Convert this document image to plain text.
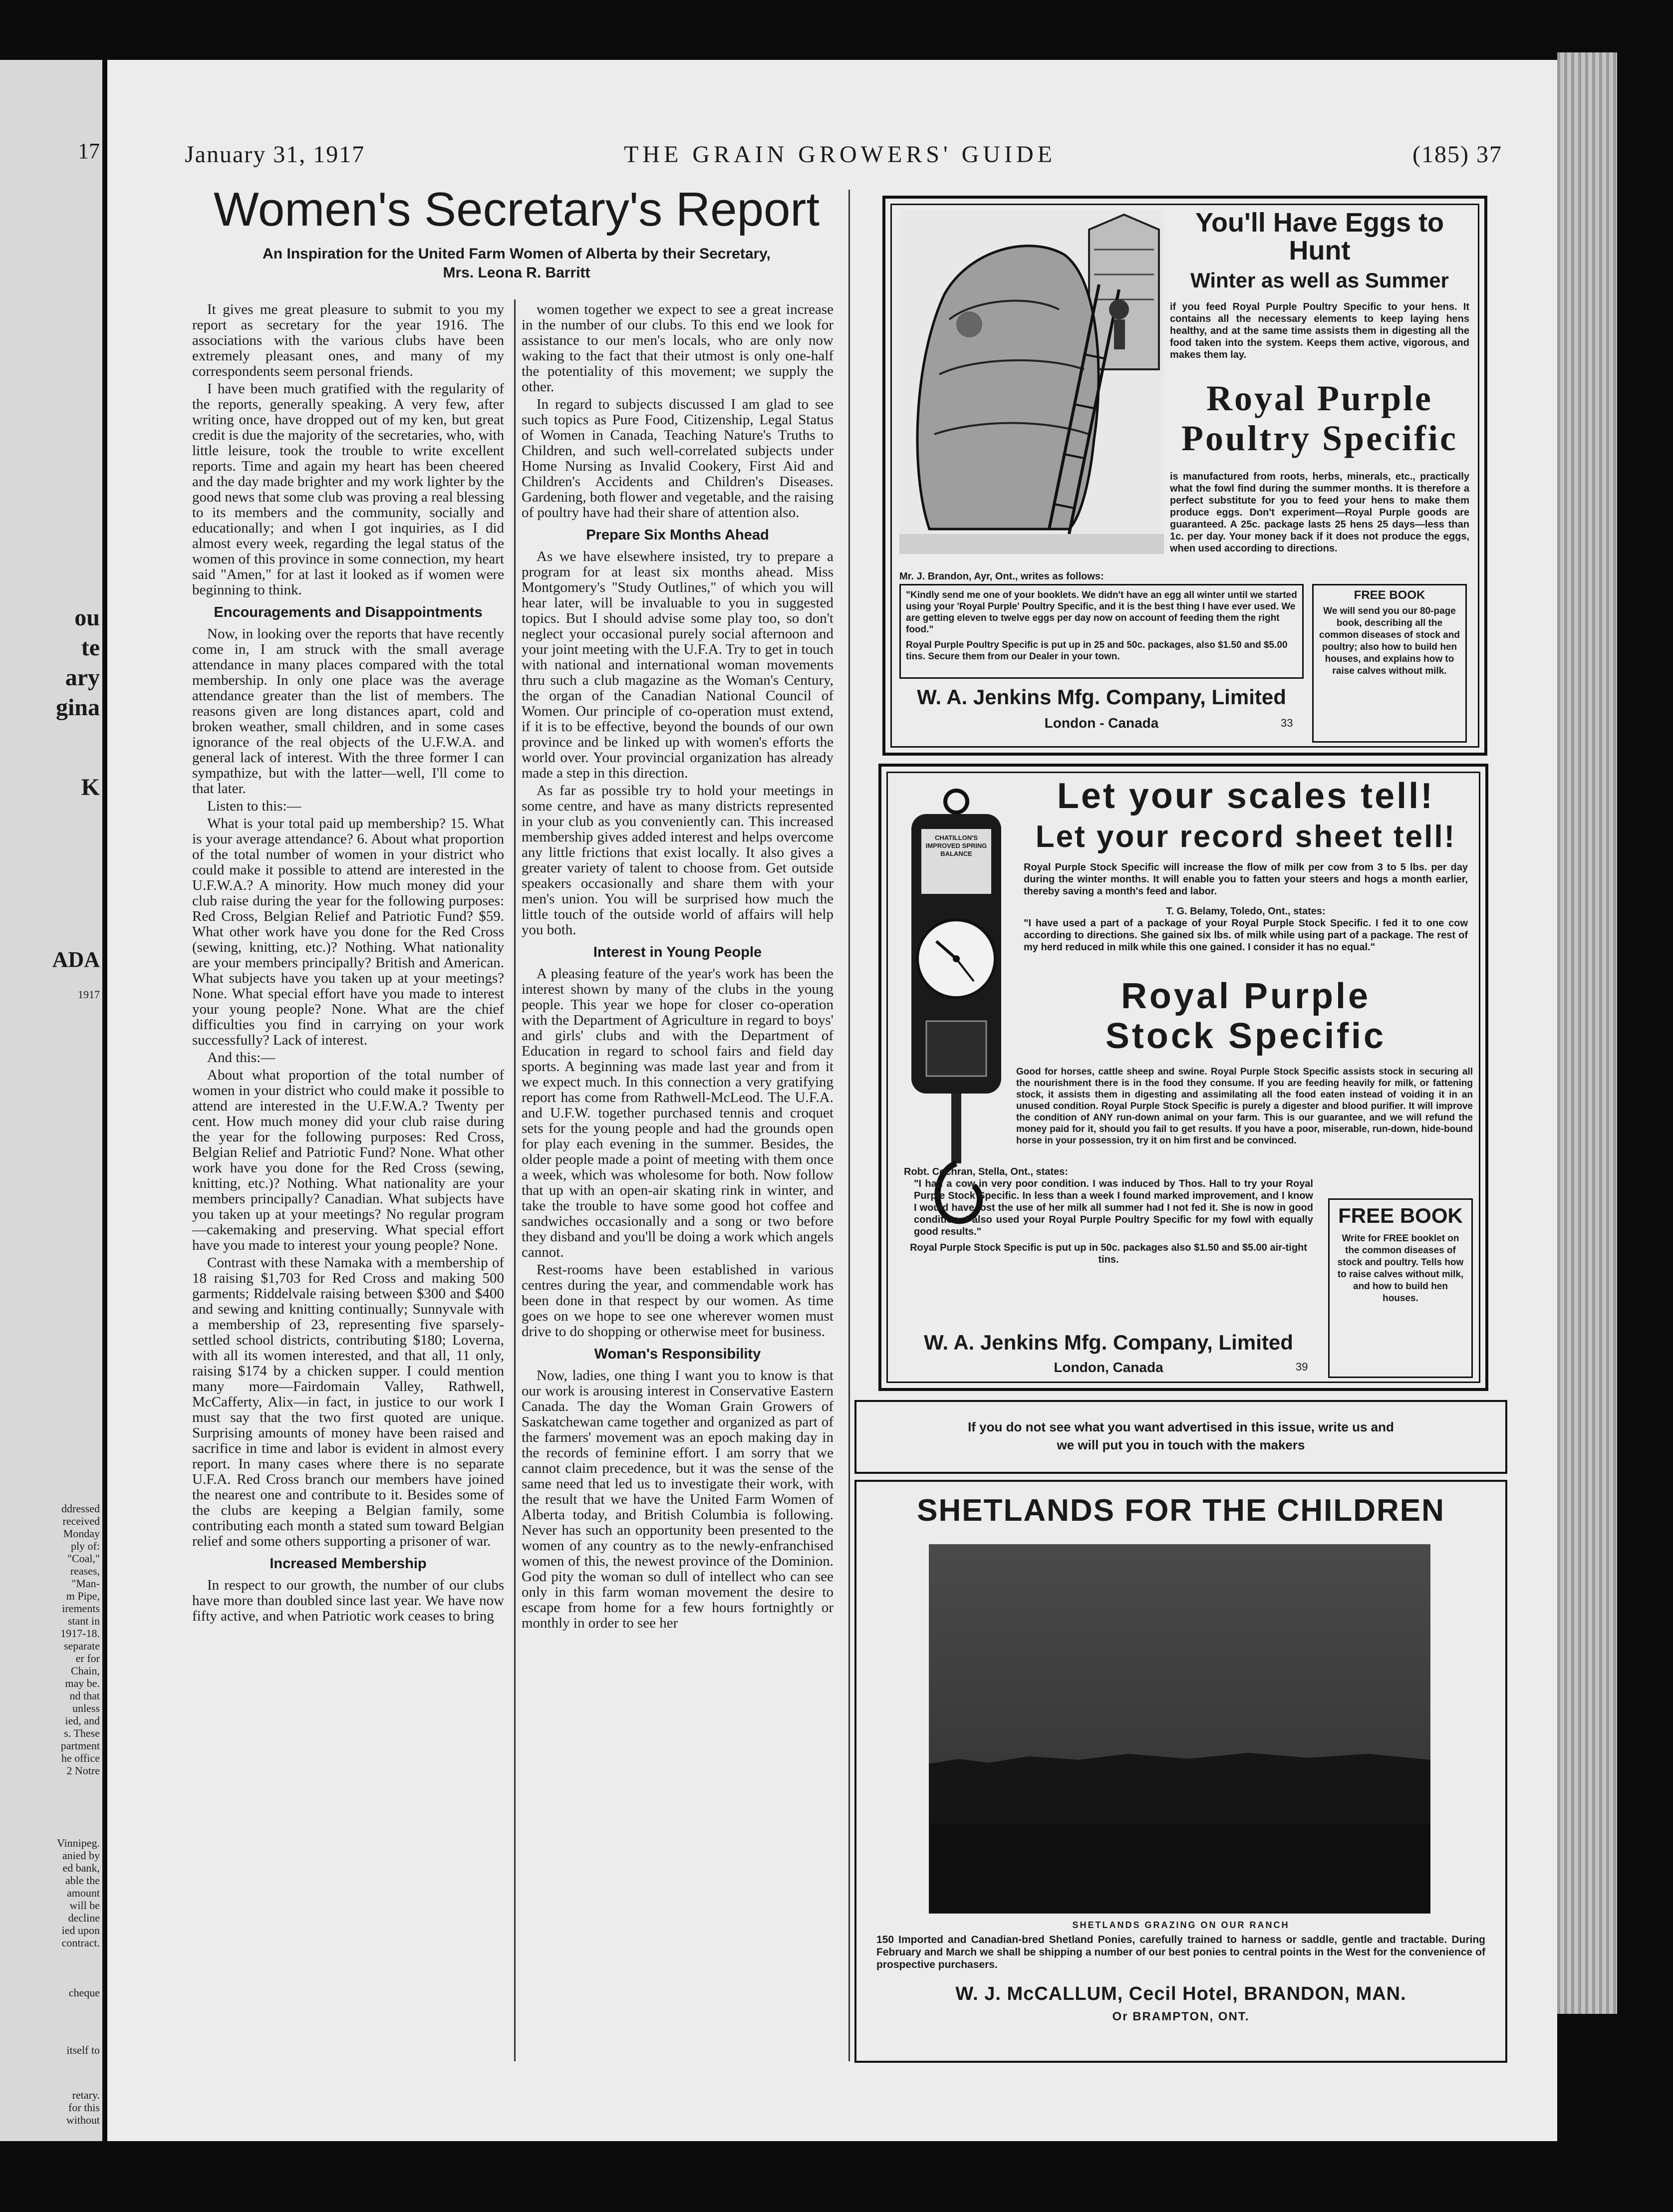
17
ou
te
ary
gina
K
ADA
1917
ddressed
received
Monday
ply of:
"Coal,"
reases,
"Man-
m Pipe,
irements
stant in
1917-18.
separate
er for
Chain,
may be.
nd that
unless
ied, and
s. These
partment
he office
2 Notre
Vinnipeg.
anied by
ed bank,
able the
amount
will be
decline
ied upon
contract.
cheque
itself to
retary.
for this
without
January 31, 1917	THE GRAIN GROWERS' GUIDE	(185) 37
Women's Secretary's Report
An Inspiration for the United Farm Women of Alberta by their Secretary,
Mrs. Leona R. Barritt

It gives me great pleasure to submit to you my report as secretary for the year 1916. The associations with the various clubs have been extremely pleasant ones, and many of my correspondents seem personal friends.

I have been much gratified with the regularity of the reports, generally speaking. A very few, after writing once, have dropped out of my ken, but great credit is due the majority of the secretaries, who, with little leisure, took the trouble to write excellent reports. Time and again my heart has been cheered and the day made brighter and my work lighter by the good news that some club was proving a real blessing to its members and the community, socially and educationally; and when I got inquiries, as I did almost every week, regarding the legal status of the women of this province in some connection, my heart said "Amen," for at last it looked as if women were beginning to think.

Encouragements and Disappointments

Now, in looking over the reports that have recently come in, I am struck with the small average attendance in many places compared with the total membership. In only one place was the average attendance greater than the list of members. The reasons given are long distances apart, cold and broken weather, small children, and in some cases ignorance of the real objects of the U.F.W.A. and general lack of interest. With the three former I can sympathize, but with the latter—well, I'll come to that later.

Listen to this:—

What is your total paid up membership? 15. What is your average attendance? 6. About what proportion of the total number of women in your district who could make it possible to attend are interested in the U.F.W.A.? A minority. How much money did your club raise during the year for the following purposes: Red Cross, Belgian Relief and Patriotic Fund? $59. What other work have you done for the Red Cross (sewing, knitting, etc.)? Nothing. What nationality are your members principally? British and American. What subjects have you taken up at your meetings? None. What special effort have you made to interest your young people? None. What are the chief difficulties you find in carrying on your work successfully? Lack of interest.

And this:—

About what proportion of the total number of women in your district who could make it possible to attend are interested in the U.F.W.A.? Twenty per cent. How much money did your club raise during the year for the following purposes: Red Cross, Belgian Relief and Patriotic Fund? None. What other work have you done for the Red Cross (sewing, knitting, etc.)? Nothing. What nationality are your members principally? Canadian. What subjects have you taken up at your meetings? No regular program—cakemaking and preserving. What special effort have you made to interest your young people? None.

Contrast with these Namaka with a membership of 18 raising $1,703 for Red Cross and making 500 garments; Riddelvale raising between $300 and $400 and sewing and knitting continually; Sunnyvale with a membership of 23, representing five sparsely-settled school districts, contributing $180; Loverna, with all its women interested, and that all, 11 only, raising $174 by a chicken supper. I could mention many more—Fairdomain Valley, Rathwell, McCafferty, Alix—in fact, in justice to our work I must say that the two first quoted are unique. Surprising amounts of money have been raised and sacrifice in time and labor is evident in almost every report. In many cases where there is no separate U.F.A. Red Cross branch our members have joined the nearest one and contribute to it. Besides some of the clubs are keeping a Belgian family, some contributing each month a stated sum toward Belgian relief and some others supporting a prisoner of war.

Increased Membership

In respect to our growth, the number of our clubs have more than doubled since last year. We have now fifty active, and when Patriotic work ceases to bring

women together we expect to see a great increase in the number of our clubs. To this end we look for assistance to our men's locals, who are only now waking to the fact that their utmost is only one-half the potentiality of this movement; we supply the other.

In regard to subjects discussed I am glad to see such topics as Pure Food, Citizenship, Legal Status of Women in Canada, Teaching Nature's Truths to Children, and such well-correlated subjects under Home Nursing as Invalid Cookery, First Aid and Children's Accidents and Children's Diseases. Gardening, both flower and vegetable, and the raising of poultry have had their share of attention also.

Prepare Six Months Ahead

As we have elsewhere insisted, try to prepare a program for at least six months ahead. Miss Montgomery's "Study Outlines," of which you will hear later, will be invaluable to you in suggested topics. But I should advise some play too, so don't neglect your occasional purely social afternoon and your joint meeting with the U.F.A. Try to get in touch with national and international woman movements thru such a club magazine as the Woman's Century, the organ of the Canadian National Council of Women. Our principle of co-operation must extend, if it is to be effective, beyond the bounds of our own province and be linked up with women's efforts the world over. Your provincial organization has already made a step in this direction.

As far as possible try to hold your meetings in some centre, and have as many districts represented in your club as you conveniently can. This increased membership gives added interest and helps overcome any little frictions that exist locally. It also gives a greater variety of talent to choose from. Get outside speakers occasionally and share them with your men's union. You will be surprised how much the little touch of the outside world of affairs will help you both.

Interest in Young People

A pleasing feature of the year's work has been the interest shown by many of the clubs in the young people. This year we hope for closer co-operation with the Department of Agriculture in regard to boys' and girls' clubs and with the Department of Education in regard to school fairs and field day sports. A beginning was made last year and from it we expect much. In this connection a very gratifying report has come from Rathwell-McLeod. The U.F.A. and U.F.W. together purchased tennis and croquet sets for the young people and had the grounds open for play each evening in the summer. Besides, the older people made a point of meeting with them once a week, which was wholesome for both. Now follow that up with an open-air skating rink in winter, and take the trouble to have some good hot coffee and sandwiches occasionally and a song or two before they disband and you'll be doing a work which angels cannot.

Rest-rooms have been established in various centres during the year, and commendable work has been done in that respect by our women. As time goes on we hope to see one wherever women must drive to do shopping or otherwise meet for business.

Woman's Responsibility

Now, ladies, one thing I want you to know is that our work is arousing interest in Conservative Eastern Canada. The day the Woman Grain Growers of Saskatchewan came together and organized as part of the farmers' movement was an epoch making day in the records of feminine effort. I am sorry that we cannot claim precedence, but it was the sense of the same need that led us to investigate their work, with the result that we have the United Farm Women of Alberta today, and British Columbia is following. Never has such an opportunity been presented to the women of any country as to the newly-enfranchised women of this, the newest province of the Dominion. God pity the woman so dull of intellect who can see only in this farm woman movement the desire to escape from home for a few hours fortnightly or monthly in order to see her

You'll Have Eggs to
Hunt
Winter as well as Summer
if you feed Royal Purple Poultry Specific to your hens. It contains all the necessary elements to keep laying hens healthy, and at the same time assists them in digesting all the food taken into the system. Keeps them active, vigorous, and makes them lay.
Royal Purple
Poultry Specific
is manufactured from roots, herbs, minerals, etc., practically what the fowl find during the summer months. It is therefore a perfect substitute for you to feed your hens to make them produce eggs. Don't experiment—Royal Purple goods are guaranteed. A 25c. package lasts 25 hens 25 days—less than 1c. per day. Your money back if it does not produce the eggs, when used according to directions.
Mr. J. Brandon, Ayr, Ont., writes as follows:
"Kindly send me one of your booklets. We didn't have an egg all winter until we started using your 'Royal Purple' Poultry Specific, and it is the best thing I have ever used. We are getting eleven to twelve eggs per day now on account of feeding them the right food."
Royal Purple Poultry Specific is put up in 25 and 50c. packages, also $1.50 and $5.00 tins. Secure them from our Dealer in your town.
W. A. Jenkins Mfg. Company, Limited
London - Canada	33
FREE BOOK
We will send you our 80-page book, describing all the common diseases of stock and poultry; also how to build hen houses, and explains how to raise calves without milk.
CHATILLON'S IMPROVED SPRING BALANCE
Let your scales tell!
Let your record sheet tell!
Royal Purple Stock Specific will increase the flow of milk per cow from 3 to 5 lbs. per day during the winter months. It will enable you to fatten your steers and hogs a month earlier, thereby saving a month's feed and labor.
T. G. Belamy, Toledo, Ont., states:
"I have used a part of a package of your Royal Purple Stock Specific. I fed it to one cow according to directions. She gained six lbs. of milk while using part of a package. The rest of my herd reduced in milk while this one gained. I consider it has no equal."
Royal Purple
Stock Specific
Good for horses, cattle sheep and swine. Royal Purple Stock Specific assists stock in securing all the nourishment there is in the food they consume. If you are feeding heavily for milk, or fattening stock, it assists them in digesting and assimilating all the food eaten instead of voiding it in an unused condition. Royal Purple Stock Specific is purely a digester and blood purifier. It will improve the condition of ANY run-down animal on your farm. This is our guarantee, and we will refund the money paid for it, should you fail to get results. If you have a poor, miserable, run-down, hide-bound horse in your possession, try it on him first and be convinced.
Robt. Cochran, Stella, Ont., states:
"I had a cow in very poor condition. I was induced by Thos. Hall to try your Royal Purple Stock Specific. In less than a week I found marked improvement, and I know I would have lost the use of her milk all summer had I not fed it. She is now in good condition. I also used your Royal Purple Poultry Specific for my fowl with equally good results."
Royal Purple Stock Specific is put up in 50c. packages also $1.50 and $5.00 air-tight tins.
W. A. Jenkins Mfg. Company, Limited
London, Canada	39
FREE BOOK
Write for FREE booklet on the common diseases of stock and poultry. Tells how to raise calves without milk, and how to build hen houses.
If you do not see what you want advertised in this issue, write us and
we will put you in touch with the makers
SHETLANDS FOR THE CHILDREN
SHETLANDS GRAZING ON OUR RANCH
150 Imported and Canadian-bred Shetland Ponies, carefully trained to harness or saddle, gentle and tractable. During February and March we shall be shipping a number of our best ponies to central points in the West for the convenience of prospective purchasers.
W. J. McCALLUM, Cecil Hotel, BRANDON, MAN.
Or BRAMPTON, ONT.
